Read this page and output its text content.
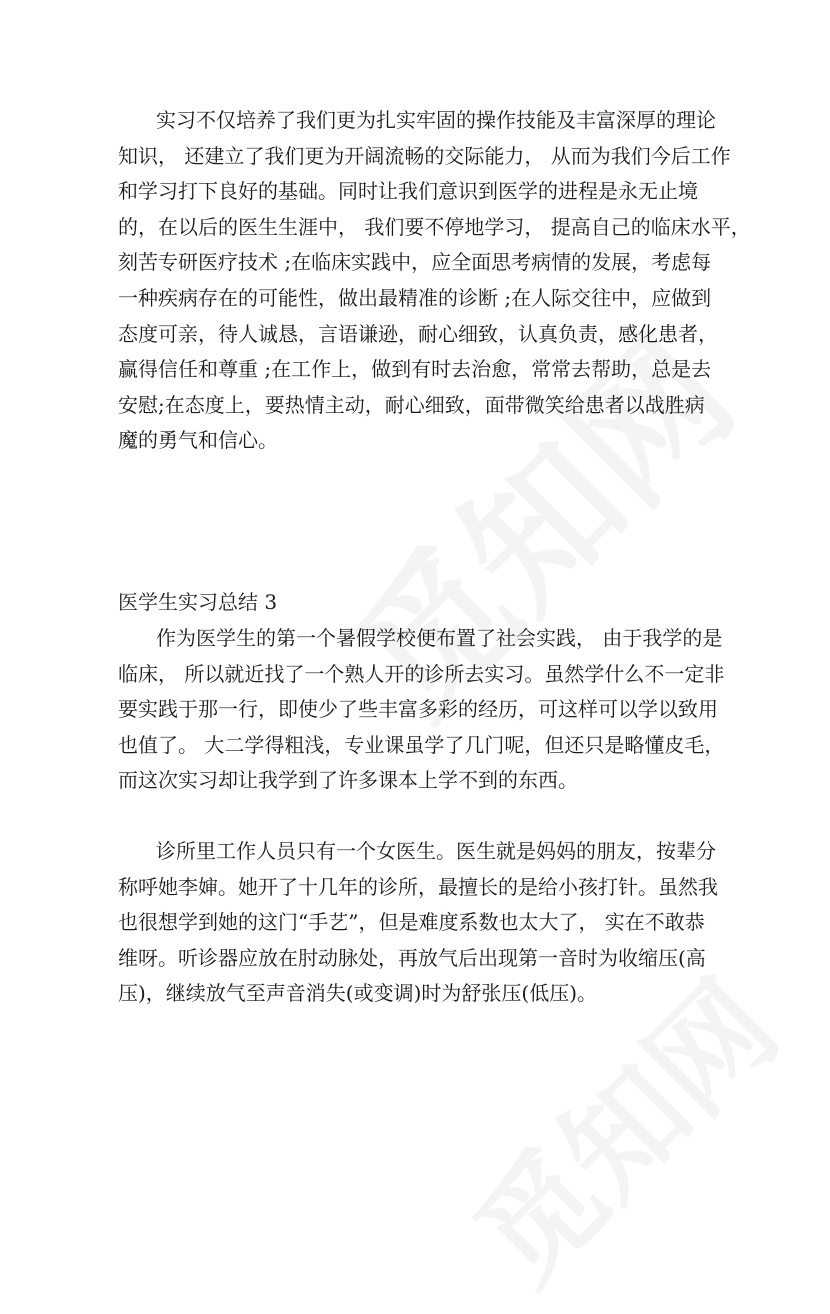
实习不仅培养了我们更为扎实牢固的操作技能及丰富深厚的理论
知识， 还建立了我们更为开阔流畅的交际能力， 从而为我们今后工作
和学习打下良好的基础。同时让我们意识到医学的进程是永无止境
的，在以后的医生生涯中， 我们要不停地学习， 提高自己的临床水平，
刻苦专研医疗技术 ;在临床实践中，应全面思考病情的发展，考虑每
一种疾病存在的可能性，做出最精准的诊断 ;在人际交往中，应做到
态度可亲，待人诚恳，言语谦逊，耐心细致，认真负责，感化患者，
赢得信任和尊重 ;在工作上，做到有时去治愈，常常去帮助，总是去
安慰;在态度上，要热情主动，耐心细致，面带微笑给患者以战胜病
魔的勇气和信心。
医学生实习总结 3
作为医学生的第一个暑假学校便布置了社会实践， 由于我学的是
临床， 所以就近找了一个熟人开的诊所去实习。虽然学什么不一定非
要实践于那一行，即使少了些丰富多彩的经历，可这样可以学以致用
也值了。 大二学得粗浅，专业课虽学了几门呢，但还只是略懂皮毛，
而这次实习却让我学到了许多课本上学不到的东西。
诊所里工作人员只有一个女医生。医生就是妈妈的朋友，按辈分
称呼她李婶。她开了十几年的诊所，最擅长的是给小孩打针。虽然我
也很想学到她的这门“手艺”，但是难度系数也太大了， 实在不敢恭
维呀。听诊器应放在肘动脉处，再放气后出现第一音时为收缩压(高
压)，继续放气至声音消失(或变调)时为舒张压(低压)。
